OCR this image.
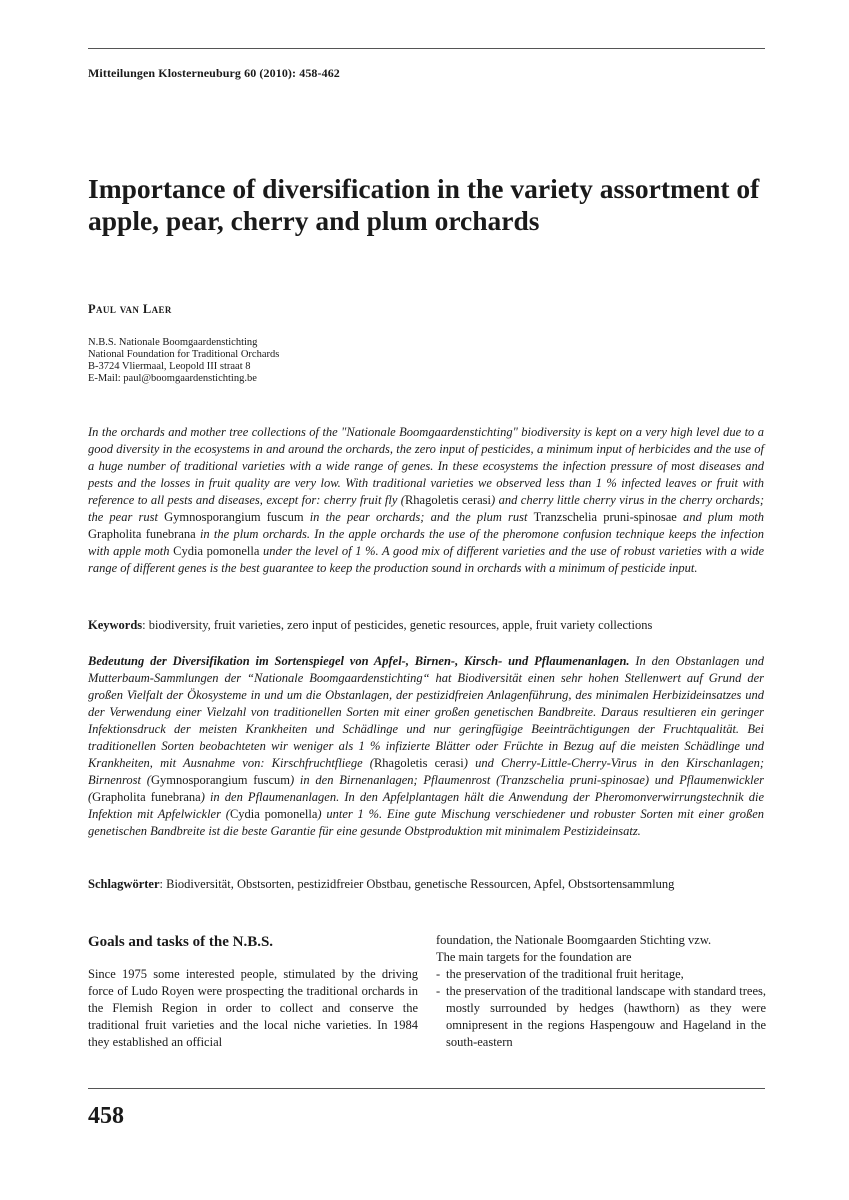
Mitteilungen Klosterneuburg 60 (2010): 458-462
Importance of diversification in the variety assortment of apple, pear, cherry and plum orchards
Paul van Laer
N.B.S. Nationale Boomgaardenstichting
National Foundation for Traditional Orchards
B-3724 Vliermaal, Leopold III straat 8
E-Mail: paul@boomgaardenstichting.be
In the orchards and mother tree collections of the "Nationale Boomgaardenstichting" biodiversity is kept on a very high level due to a good diversity in the ecosystems in and around the orchards, the zero input of pesticides, a minimum input of herbicides and the use of a huge number of traditional varieties with a wide range of genes. In these ecosystems the infection pressure of most diseases and pests and the losses in fruit quality are very low. With traditional varieties we observed less than 1 % infected leaves or fruit with reference to all pests and diseases, except for: cherry fruit fly (Rhagoletis cerasi) and cherry little cherry virus in the cherry orchards; the pear rust Gymnosporangium fuscum in the pear orchards; and the plum rust Tranzschelia pruni-spinosae and plum moth Grapholita funebrana in the plum orchards. In the apple orchards the use of the pheromone confusion technique keeps the infection with apple moth Cydia pomonella under the level of 1 %. A good mix of different varieties and the use of robust varieties with a wide range of different genes is the best guarantee to keep the production sound in orchards with a minimum of pesticide input.
Keywords: biodiversity, fruit varieties, zero input of pesticides, genetic resources, apple, fruit variety collections
Bedeutung der Diversifikation im Sortenspiegel von Apfel-, Birnen-, Kirsch- und Pflaumenanlagen. In den Obstanlagen und Mutterbaum-Sammlungen der “Nationale Boomgaardenstichting“ hat Biodiversität einen sehr hohen Stellenwert auf Grund der großen Vielfalt der Ökosysteme in und um die Obstanlagen, der pestizidfreien Anlagenführung, des minimalen Herbizideinsatzes und der Verwendung einer Vielzahl von traditionellen Sorten mit einer großen genetischen Bandbreite. Daraus resultieren ein geringer Infektionsdruck der meisten Krankheiten und Schädlinge und nur geringfügige Beeinträchtigungen der Fruchtqualität. Bei traditionellen Sorten beobachteten wir weniger als 1 % infizierte Blätter oder Früchte in Bezug auf die meisten Schädlinge und Krankheiten, mit Ausnahme von: Kirschfruchtfliege (Rhagoletis cerasi) und Cherry-Little-Cherry-Virus in den Kirschanlagen; Birnenrost (Gymnosporangium fuscum) in den Birnenanlagen; Pflaumenrost (Tranzschelia pruni-spinosae) und Pflaumenwickler (Grapholita funebrana) in den Pflaumenanlagen. In den Apfelplantagen hält die Anwendung der Pheromonverwirrungstechnik die Infektion mit Apfelwickler (Cydia pomonella) unter 1 %. Eine gute Mischung verschiedener und robuster Sorten mit einer großen genetischen Bandbreite ist die beste Garantie für eine gesunde Obstproduktion mit minimalem Pestizideinsatz.
Schlagwörter: Biodiversität, Obstsorten, pestizidfreier Obstbau, genetische Ressourcen, Apfel, Obstsortensammlung
Goals and tasks of the N.B.S.
Since 1975 some interested people, stimulated by the driving force of Ludo Royen were prospecting the traditional orchards in the Flemish Region in order to collect and conserve the traditional fruit varieties and the local niche varieties. In 1984 they established an official
foundation, the Nationale Boomgaarden Stichting vzw.
The main targets for the foundation are
- the preservation of the traditional fruit heritage,
- the preservation of the traditional landscape with standard trees, mostly surrounded by hedges (hawthorn) as they were omnipresent in the regions Haspengouw and Hageland in the south-eastern
458
